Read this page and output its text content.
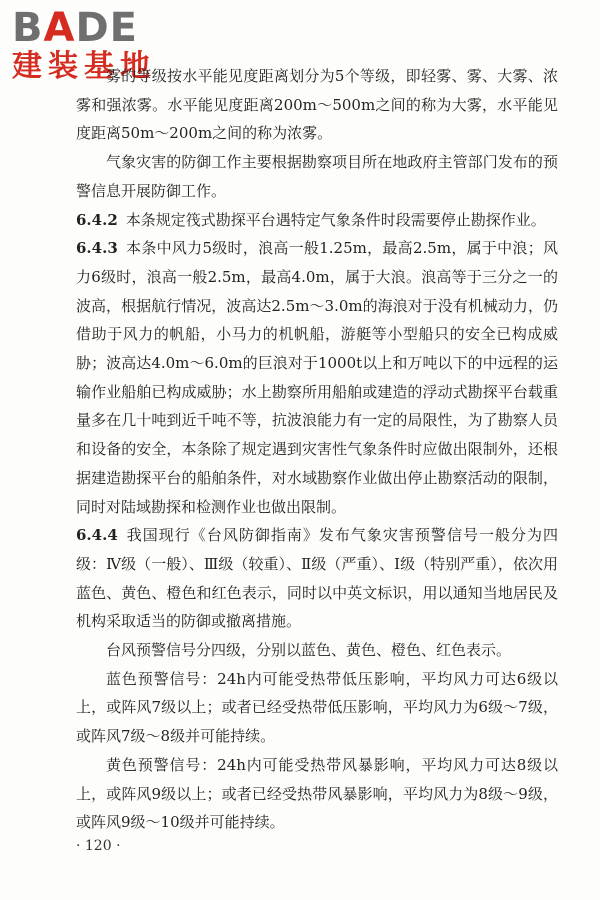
BADE
建装基地

雾的等级按水平能见度距离划分为5个等级，即轻雾、雾、大雾、浓雾和强浓雾。水平能见度距离200m～500m之间的称为大雾，水平能见度距离50m～200m之间的称为浓雾。

气象灾害的防御工作主要根据勘察项目所在地政府主管部门发布的预警信息开展防御工作。

6.4.2 本条规定筏式勘探平台遇特定气象条件时段需要停止勘探作业。

6.4.3 本条中风力5级时，浪高一般1.25m，最高2.5m，属于中浪；风力6级时，浪高一般2.5m，最高4.0m，属于大浪。浪高等于三分之一的波高，根据航行情况，波高达2.5m～3.0m的海浪对于没有机械动力，仍借助于风力的帆船，小马力的机帆船，游艇等小型船只的安全已构成威胁；波高达4.0m～6.0m的巨浪对于1000t以上和万吨以下的中远程的运输作业船舶已构成威胁；水上勘察所用船舶或建造的浮动式勘探平台载重量多在几十吨到近千吨不等，抗波浪能力有一定的局限性，为了勘察人员和设备的安全，本条除了规定遇到灾害性气象条件时应做出限制外，还根据建造勘探平台的船舶条件，对水域勘察作业做出停止勘察活动的限制，同时对陆域勘探和检测作业也做出限制。

6.4.4 我国现行《台风防御指南》发布气象灾害预警信号一般分为四级：Ⅳ级（一般）、Ⅲ级（较重）、Ⅱ级（严重）、Ⅰ级（特别严重），依次用蓝色、黄色、橙色和红色表示，同时以中英文标识，用以通知当地居民及机构采取适当的防御或撤离措施。

台风预警信号分四级，分别以蓝色、黄色、橙色、红色表示。

蓝色预警信号：24h内可能受热带低压影响，平均风力可达6级以上，或阵风7级以上；或者已经受热带低压影响，平均风力为6级～7级，或阵风7级～8级并可能持续。

黄色预警信号：24h内可能受热带风暴影响，平均风力可达8级以上，或阵风9级以上；或者已经受热带风暴影响，平均风力为8级～9级，或阵风9级～10级并可能持续。

· 120 ·
